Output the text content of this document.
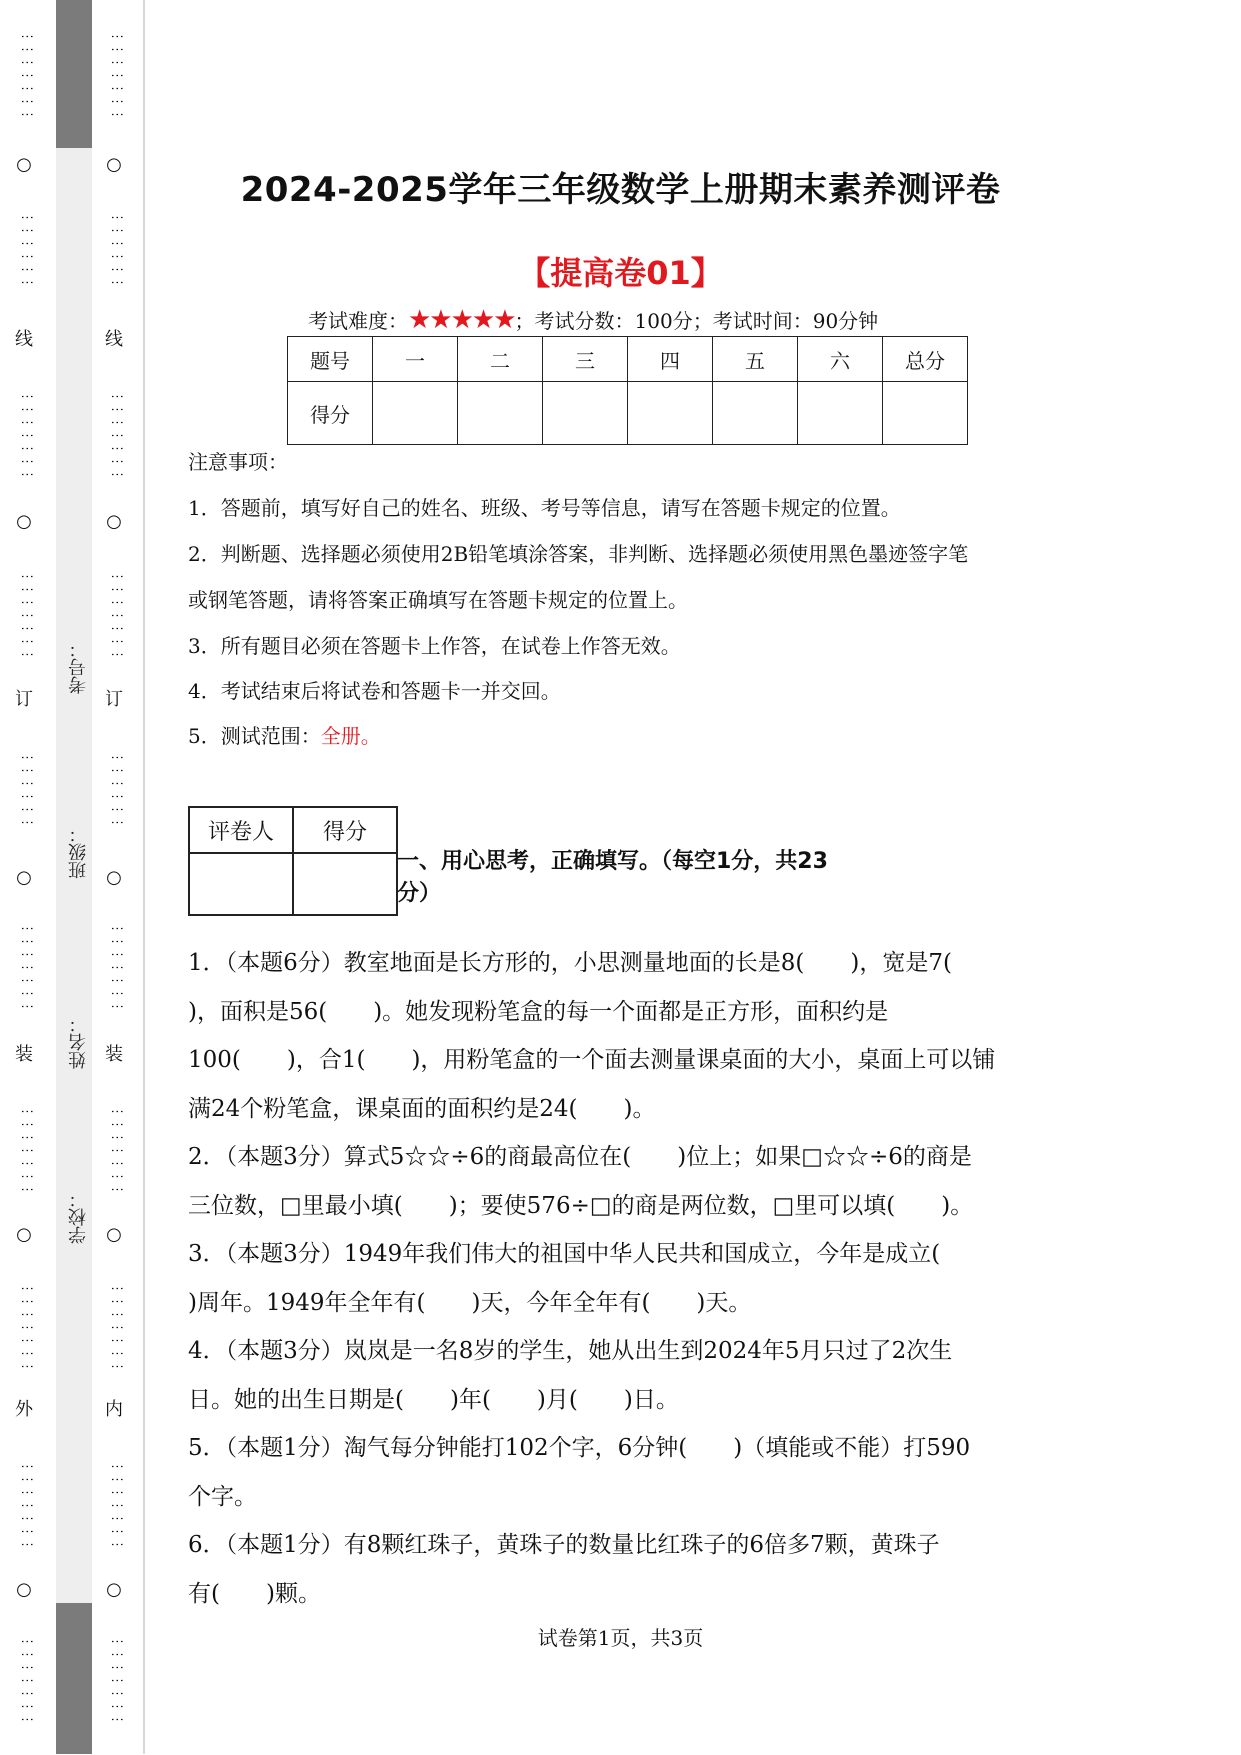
⋮⋮⋮⋮⋮⋮⋮
○
⋮⋮⋮⋮⋮⋮
线
⋮⋮⋮⋮⋮⋮⋮
○
⋮⋮⋮⋮⋮⋮⋮
订
⋮⋮⋮⋮⋮⋮
○
⋮⋮⋮⋮⋮⋮⋮
装
⋮⋮⋮⋮⋮⋮⋮
○
⋮⋮⋮⋮⋮⋮⋮
外
⋮⋮⋮⋮⋮⋮⋮
○
⋮⋮⋮⋮⋮⋮⋮
考号：
班级：
姓名：
学校：
⋮⋮⋮⋮⋮⋮⋮
○
⋮⋮⋮⋮⋮⋮
线
⋮⋮⋮⋮⋮⋮⋮
○
⋮⋮⋮⋮⋮⋮⋮
订
⋮⋮⋮⋮⋮⋮
○
⋮⋮⋮⋮⋮⋮⋮
装
⋮⋮⋮⋮⋮⋮⋮
○
⋮⋮⋮⋮⋮⋮⋮
内
⋮⋮⋮⋮⋮⋮⋮
○
⋮⋮⋮⋮⋮⋮⋮
2024-2025学年三年级数学上册期末素养测评卷
【提高卷01】
考试难度：★★★★★；考试分数：100分；考试时间：90分钟
题号	一	二	三	四	五	六	总分
得分							
注意事项：
1．答题前，填写好自己的姓名、班级、考号等信息，请写在答题卡规定的位置。
2．判断题、选择题必须使用2B铅笔填涂答案，非判断、选择题必须使用黑色墨迹签字笔
或钢笔答题，请将答案正确填写在答题卡规定的位置上。
3．所有题目必须在答题卡上作答，在试卷上作答无效。
4．考试结束后将试卷和答题卡一并交回。
5．测试范围：全册。
评卷人	得分

一、用心思考，正确填写。（每空1分，共23
分）
1．（本题6分）教室地面是长方形的，小思测量地面的长是8(　　)，宽是7(
)，面积是56(　　)。她发现粉笔盒的每一个面都是正方形，面积约是
100(　　)，合1(　　)，用粉笔盒的一个面去测量课桌面的大小，桌面上可以铺
满24个粉笔盒，课桌面的面积约是24(　　)。
2．（本题3分）算式5☆☆÷6的商最高位在(　　)位上；如果□☆☆÷6的商是
三位数，□里最小填(　　)；要使576÷□的商是两位数，□里可以填(　　)。
3．（本题3分）1949年我们伟大的祖国中华人民共和国成立，今年是成立(
)周年。1949年全年有(　　)天，今年全年有(　　)天。
4．（本题3分）岚岚是一名8岁的学生，她从出生到2024年5月只过了2次生
日。她的出生日期是(　　)年(　　)月(　　)日。
5．（本题1分）淘气每分钟能打102个字，6分钟(　　)（填能或不能）打590
个字。
6．（本题1分）有8颗红珠子，黄珠子的数量比红珠子的6倍多7颗，黄珠子
有(　　)颗。
试卷第1页，共3页
